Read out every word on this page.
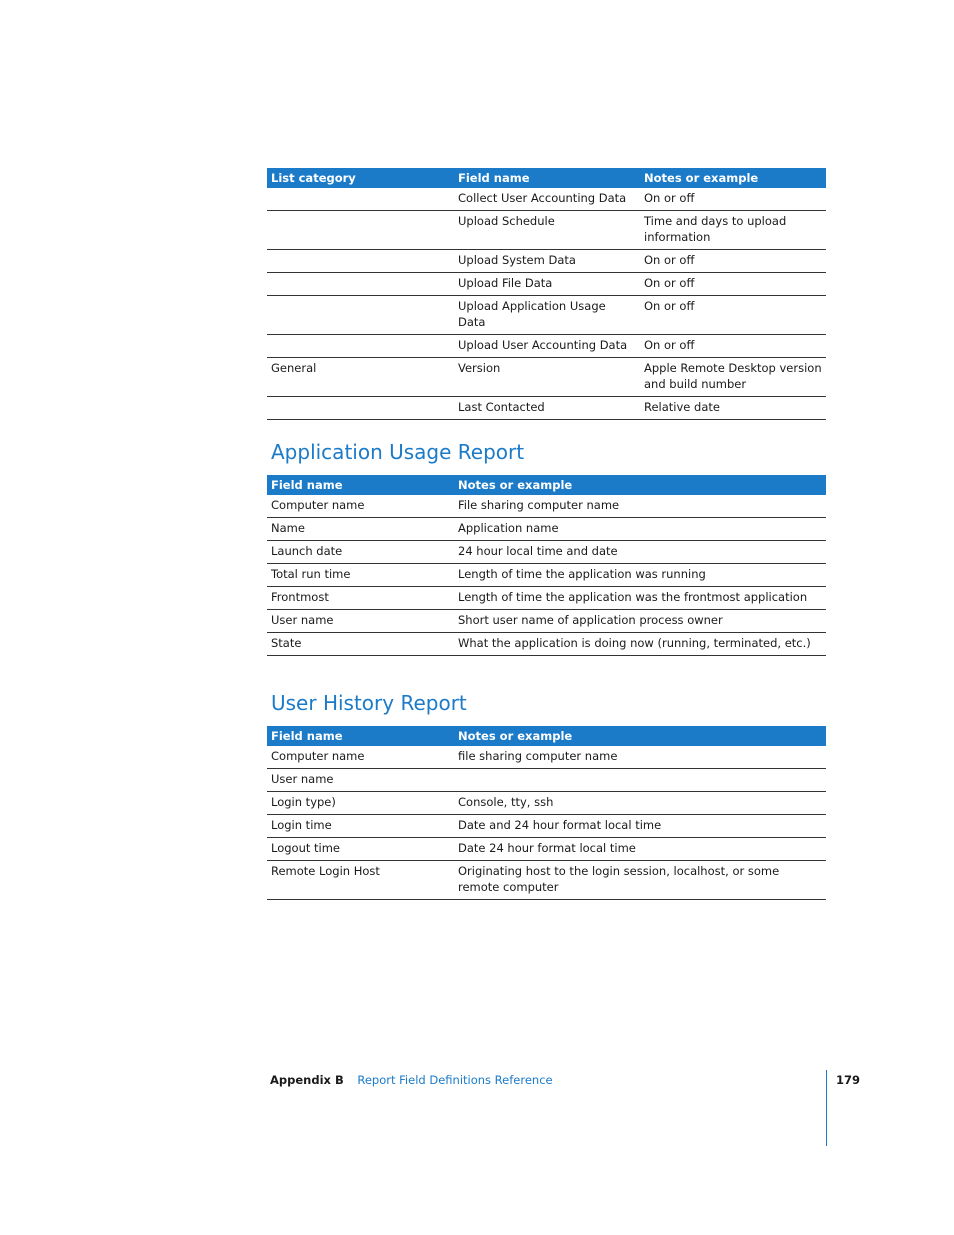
List category	Field name	Notes or example
	Collect User Accounting Data	On or off
	Upload Schedule	Time and days to upload information
	Upload System Data	On or off
	Upload File Data	On or off
	Upload Application Usage Data	On or off
	Upload User Accounting Data	On or off
General	Version	Apple Remote Desktop version and build number
	Last Contacted	Relative date
Application Usage Report
Field name	Notes or example
Computer name	File sharing computer name
Name	Application name
Launch date	24 hour local time and date
Total run time	Length of time the application was running
Frontmost	Length of time the application was the frontmost application
User name	Short user name of application process owner
State	What the application is doing now (running, terminated, etc.)
User History Report
Field name	Notes or example
Computer name	file sharing computer name
User name	
Login type)	Console, tty, ssh
Login time	Date and 24 hour format local time
Logout time	Date 24 hour format local time
Remote Login Host	Originating host to the login session, localhost, or some remote computer
Appendix B Report Field Definitions Reference	179
